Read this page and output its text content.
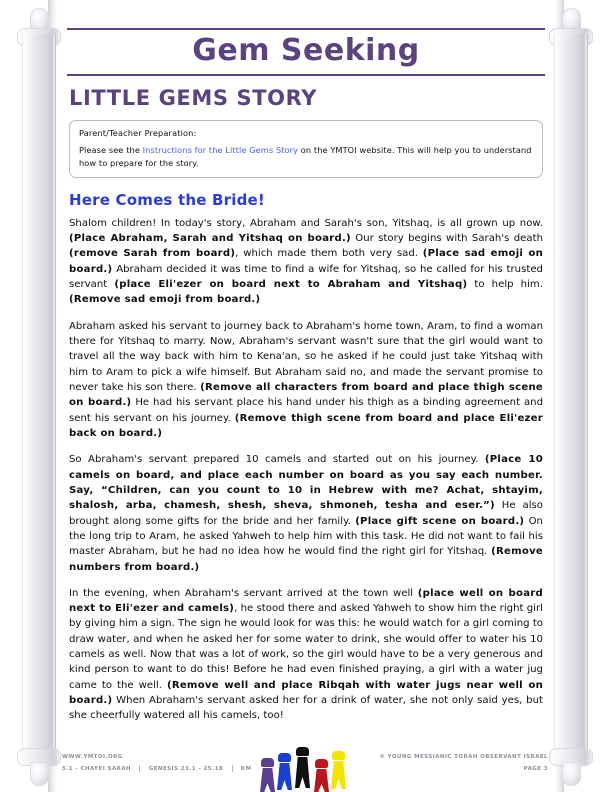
Gem Seeking
LITTLE GEMS STORY
Parent/Teacher Preparation:
Please see the Instructions for the Little Gems Story on the YMTOI website. This will help you to understand how to prepare for the story.
Here Comes the Bride!

Shalom children! In today's story, Abraham and Sarah's son, Yitshaq, is all grown up now. (Place Abraham, Sarah and Yitshaq on board.) Our story begins with Sarah's death (remove Sarah from board), which made them both very sad. (Place sad emoji on board.) Abraham decided it was time to find a wife for Yitshaq, so he called for his trusted servant (place Eli'ezer on board next to Abraham and Yitshaq) to help him. (Remove sad emoji from board.)

Abraham asked his servant to journey back to Abraham's home town, Aram, to find a woman there for Yitshaq to marry. Now, Abraham's servant wasn't sure that the girl would want to travel all the way back with him to Kena'an, so he asked if he could just take Yitshaq with him to Aram to pick a wife himself. But Abraham said no, and made the servant promise to never take his son there. (Remove all characters from board and place thigh scene on board.) He had his servant place his hand under his thigh as a binding agreement and sent his servant on his journey. (Remove thigh scene from board and place Eli'ezer back on board.)

So Abraham's servant prepared 10 camels and started out on his journey. (Place 10 camels on board, and place each number on board as you say each number. Say, “Children, can you count to 10 in Hebrew with me? Achat, shtayim, shalosh, arba, chamesh, shesh, sheva, shmoneh, tesha and eser.”) He also brought along some gifts for the bride and her family. (Place gift scene on board.) On the long trip to Aram, he asked Yahweh to help him with this task. He did not want to fail his master Abraham, but he had no idea how he would find the right girl for Yitshaq. (Remove numbers from board.)

In the evening, when Abraham's servant arrived at the town well (place well on board next to Eli'ezer and camels), he stood there and asked Yahweh to show him the right girl by giving him a sign. The sign he would look for was this: he would watch for a girl coming to draw water, and when he asked her for some water to drink, she would offer to water his 10 camels as well. Now that was a lot of work, so the girl would have to be a very generous and kind person to want to do this! Before he had even finished praying, a girl with a water jug came to the well. (Remove well and place Ribqah with water jugs near well on board.) When Abraham's servant asked her for a drink of water, she not only said yes, but she cheerfully watered all his camels, too!

WWW.YMTOI.ORG
5.1 - CHAYEI SARAH	GENESIS 23.1 - 25.18	KM
© YOUNG MESSIANIC TORAH OBSERVANT ISRAEL
PAGE 3
